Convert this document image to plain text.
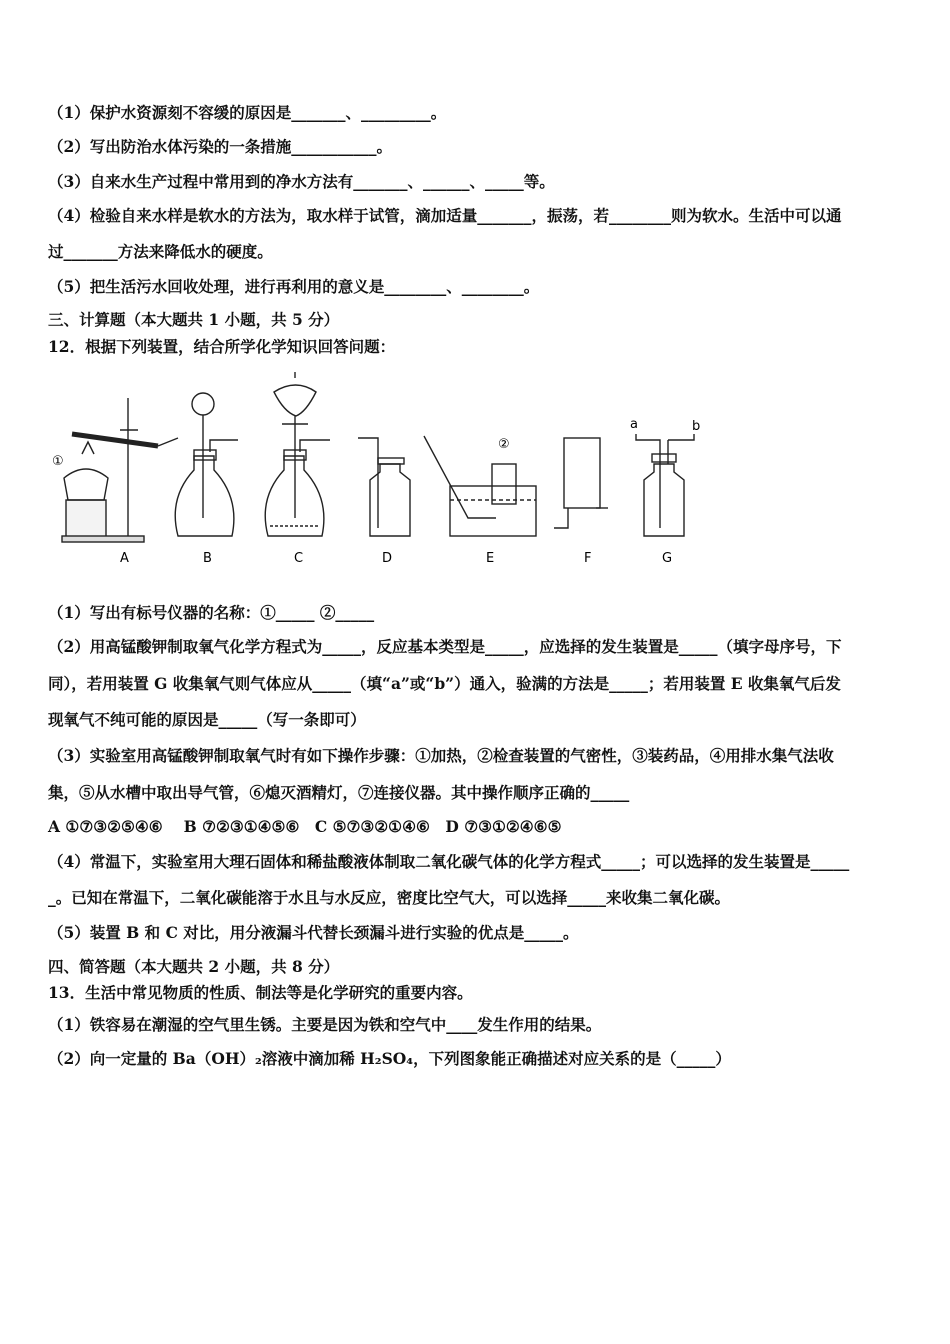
（1）保护水资源刻不容缓的原因是_______、_________。
（2）写出防治水体污染的一条措施___________。
（3）自来水生产过程中常用到的净水方法有_______、______、_____等。
（4）检验自来水样是软水的方法为，取水样于试管，滴加适量_______，振荡，若________则为软水。生活中可以通
过_______方法来降低水的硬度。
（5）把生活污水回收处理，进行再利用的意义是________、________。
三、计算题（本大题共 1 小题，共 5 分）
12．根据下列装置，结合所学化学知识回答问题：
①
②
a	b
A	B	C	D	E	F	G
（1）写出有标号仪器的名称：①_____ ②_____
（2）用高锰酸钾制取氧气化学方程式为_____，反应基本类型是_____，应选择的发生装置是_____（填字母序号，下
同），若用装置 G 收集氧气则气体应从_____（填“a”或“b”）通入，验满的方法是_____；若用装置 E 收集氧气后发
现氧气不纯可能的原因是_____（写一条即可）
（3）实验室用高锰酸钾制取氧气时有如下操作步骤：①加热，②检查装置的气密性，③装药品，④用排水集气法收
集，⑤从水槽中取出导气管，⑥熄灭酒精灯，⑦连接仪器。其中操作顺序正确的_____
A ①⑦③②⑤④⑥　 B ⑦②③①④⑤⑥　C ⑤⑦③②①④⑥　D ⑦③①②④⑥⑤
（4）常温下，实验室用大理石固体和稀盐酸液体制取二氧化碳气体的化学方程式_____；可以选择的发生装置是_____
_。已知在常温下，二氧化碳能溶于水且与水反应，密度比空气大，可以选择_____来收集二氧化碳。
（5）装置 B 和 C 对比，用分液漏斗代替长颈漏斗进行实验的优点是_____。
四、简答题（本大题共 2 小题，共 8 分）
13．生活中常见物质的性质、制法等是化学研究的重要内容。
（1）铁容易在潮湿的空气里生锈。主要是因为铁和空气中____发生作用的结果。
（2）向一定量的 Ba（OH）₂溶液中滴加稀 H₂SO₄，下列图象能正确描述对应关系的是（_____）
